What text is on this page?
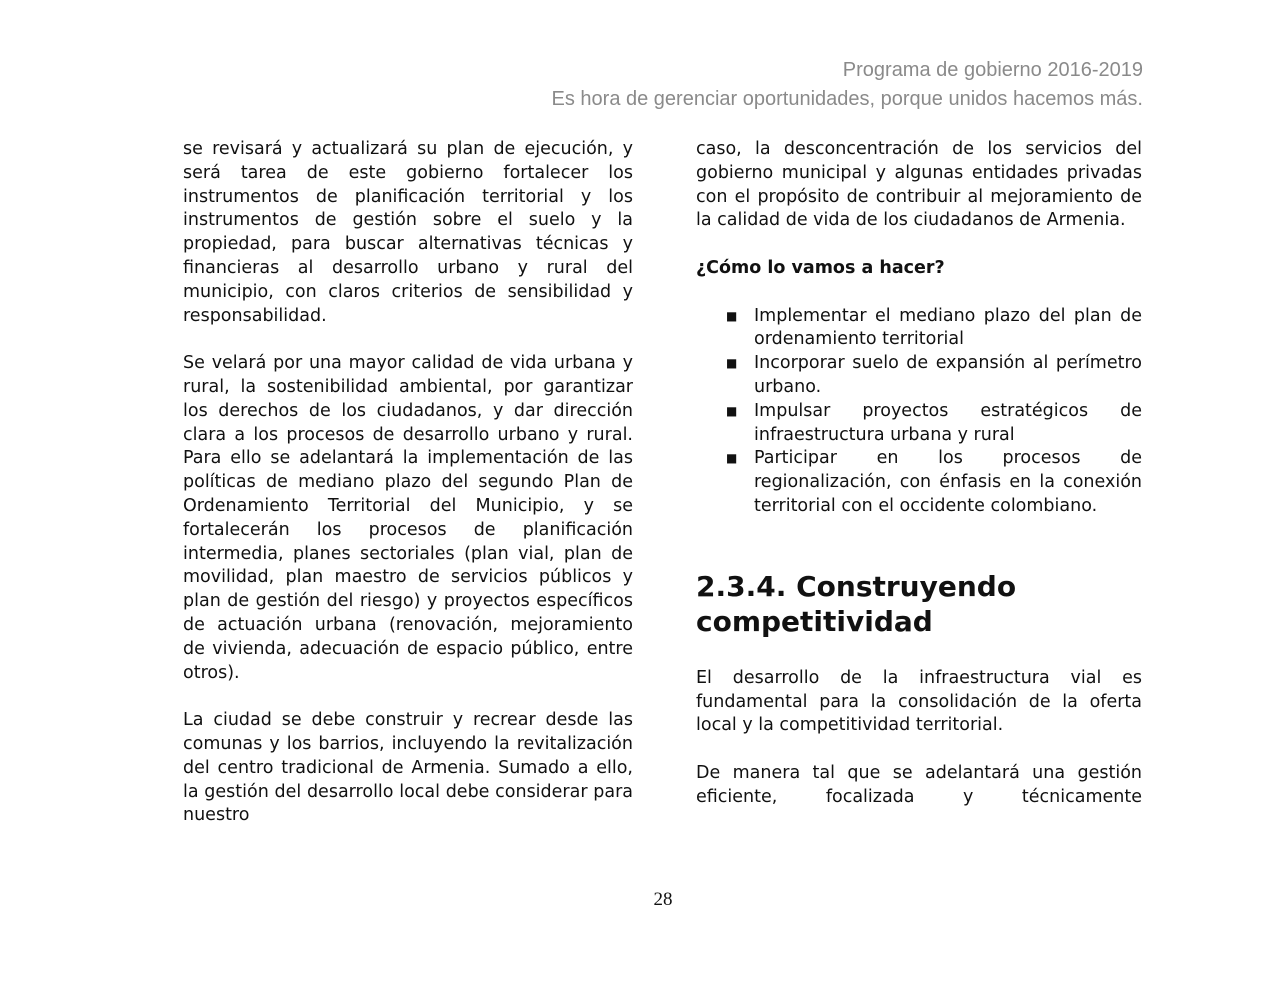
Programa de gobierno 2016-2019
Es hora de gerenciar oportunidades, porque unidos hacemos más.

se revisará y actualizará su plan de ejecución, y será tarea de este gobierno fortalecer los instrumentos de planificación territorial y los instrumentos de gestión sobre el suelo y la propiedad, para buscar alternativas técnicas y financieras al desarrollo urbano y rural del municipio, con claros criterios de sensibilidad y responsabilidad.

Se velará por una mayor calidad de vida urbana y rural, la sostenibilidad ambiental, por garantizar los derechos de los ciudadanos, y dar dirección clara a los procesos de desarrollo urbano y rural. Para ello se adelantará la implementación de las políticas de mediano plazo del segundo Plan de Ordenamiento Territorial del Municipio, y se fortalecerán los procesos de planificación intermedia, planes sectoriales (plan vial, plan de movilidad, plan maestro de servicios públicos y plan de gestión del riesgo) y proyectos específicos de actuación urbana (renovación, mejoramiento de vivienda, adecuación de espacio público, entre otros).

La ciudad se debe construir y recrear desde las comunas y los barrios, incluyendo la revitalización del centro tradicional de Armenia. Sumado a ello, la gestión del desarrollo local debe considerar para nuestro

caso, la desconcentración de los servicios del gobierno municipal y algunas entidades privadas con el propósito de contribuir al mejoramiento de la calidad de vida de los ciudadanos de Armenia.

¿Cómo lo vamos a hacer?
■ Implementar el mediano plazo del plan de ordenamiento territorial
■ Incorporar suelo de expansión al perímetro urbano.
■ Impulsar proyectos estratégicos de infraestructura urbana y rural
■ Participar en los procesos de regionalización, con énfasis en la conexión territorial con el occidente colombiano.
2.3.4. Construyendo competitividad

El desarrollo de la infraestructura vial es fundamental para la consolidación de la oferta local y la competitividad territorial.

De manera tal que se adelantará una gestión eficiente, focalizada y técnicamente

28
